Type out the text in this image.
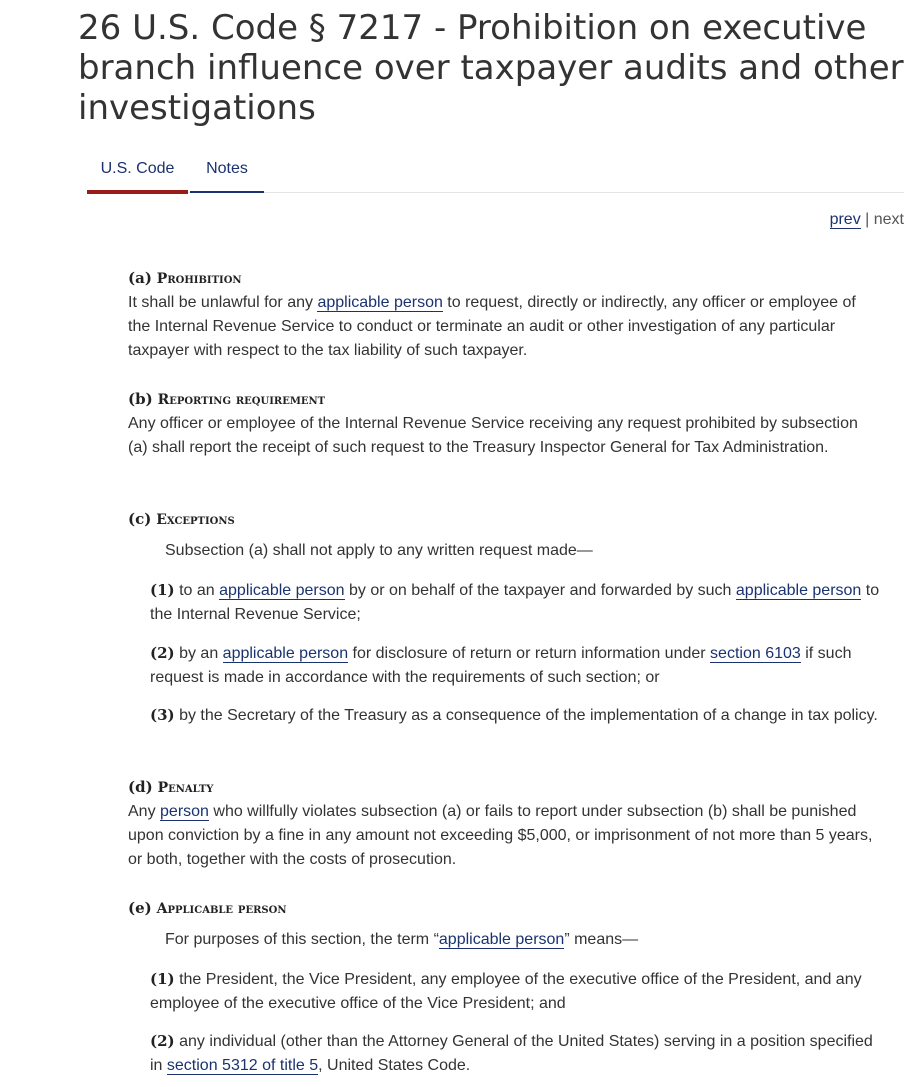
26 U.S. Code § 7217 - Prohibition on executive
branch influence over taxpayer audits and other
investigations
U.S. Code	Notes
prev | next
(a) Prohibition
It shall be unlawful for any applicable person to request, directly or indirectly, any officer or employee of the Internal Revenue Service to conduct or terminate an audit or other investigation of any particular taxpayer with respect to the tax liability of such taxpayer.
(b) Reporting requirement
Any officer or employee of the Internal Revenue Service receiving any request prohibited by subsection (a) shall report the receipt of such request to the Treasury Inspector General for Tax Administration.
(c) Exceptions
Subsection (a) shall not apply to any written request made—
(1) to an applicable person by or on behalf of the taxpayer and forwarded by such applicable person to the Internal Revenue Service;
(2) by an applicable person for disclosure of return or return information under section 6103 if such request is made in accordance with the requirements of such section; or
(3) by the Secretary of the Treasury as a consequence of the implementation of a change in tax policy.
(d) Penalty
Any person who willfully violates subsection (a) or fails to report under subsection (b) shall be punished upon conviction by a fine in any amount not exceeding $5,000, or imprisonment of not more than 5 years, or both, together with the costs of prosecution.
(e) Applicable person
For purposes of this section, the term “applicable person” means—
(1) the President, the Vice President, any employee of the executive office of the President, and any employee of the executive office of the Vice President; and
(2) any individual (other than the Attorney General of the United States) serving in a position specified in section 5312 of title 5, United States Code.
